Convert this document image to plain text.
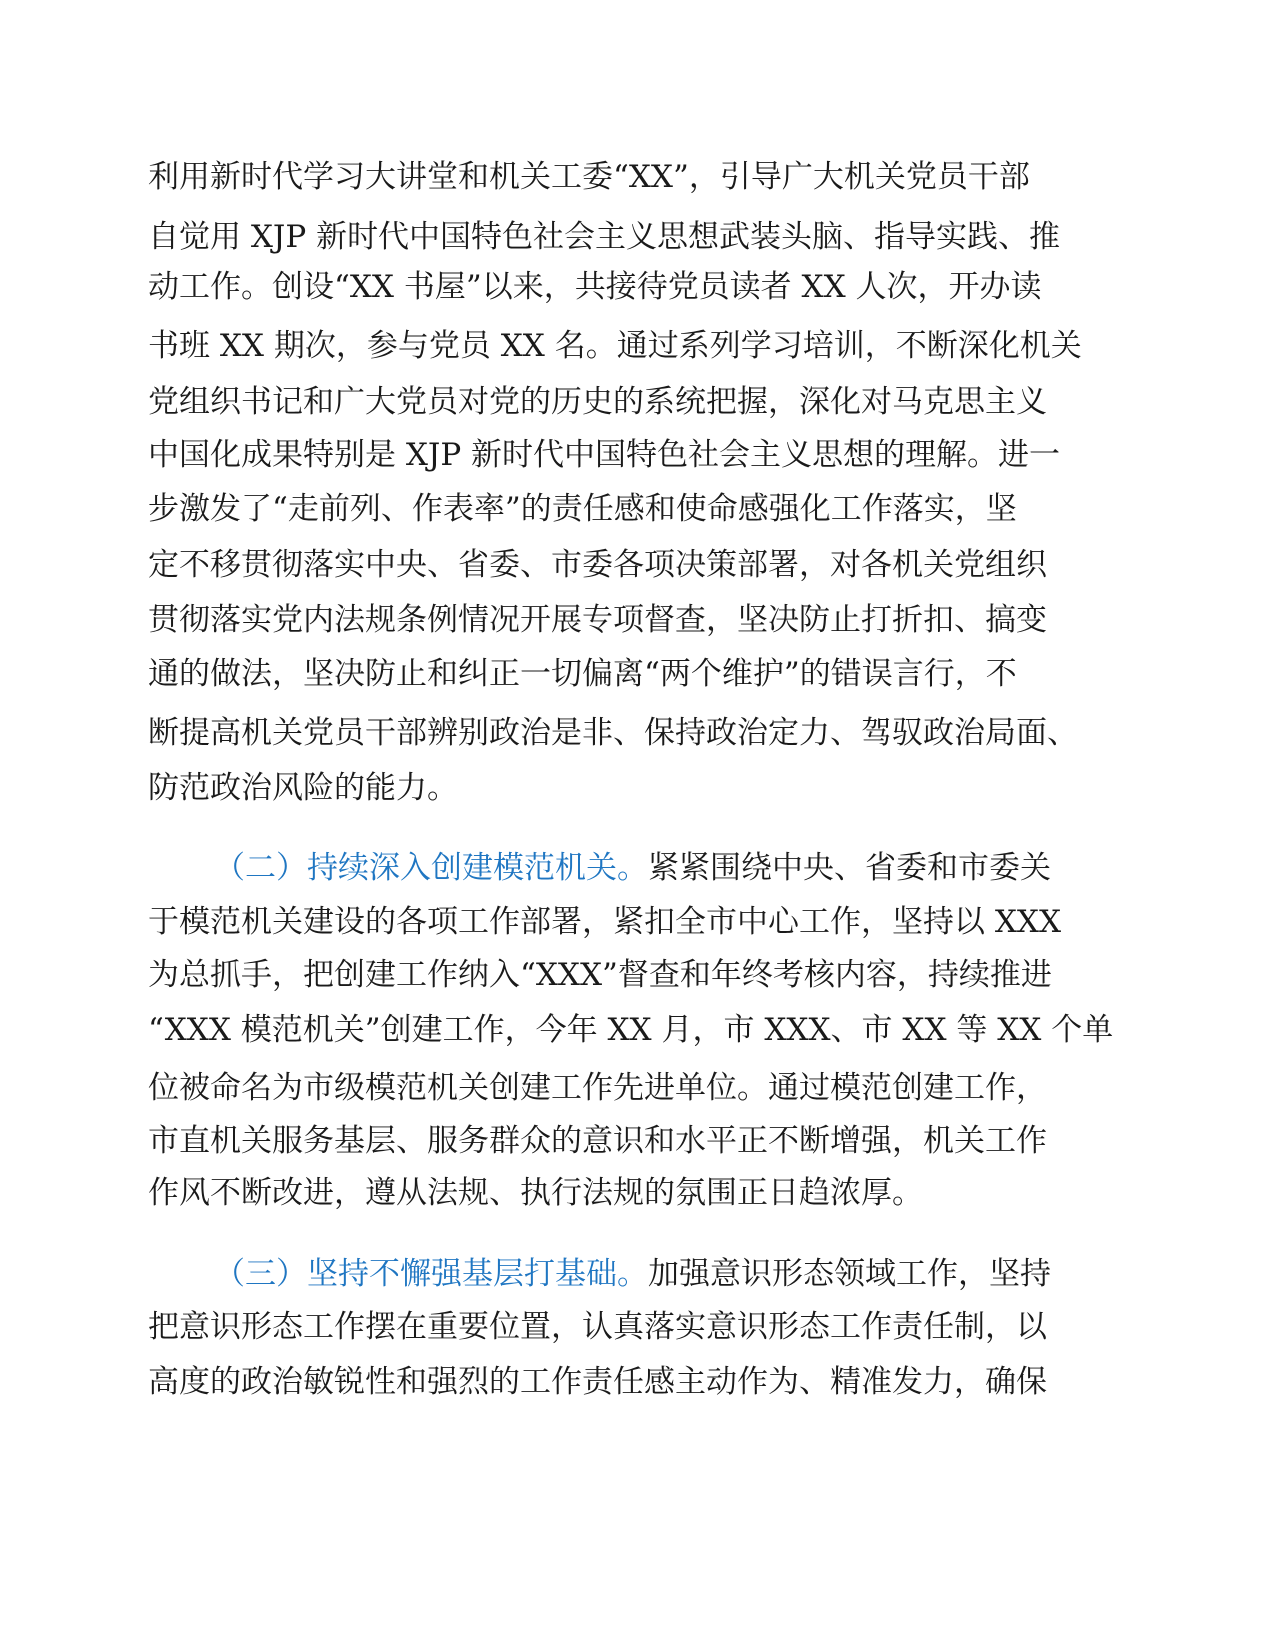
利用新时代学习大讲堂和机关工委“XX”，引导广大机关党员干部
自觉用 XJP 新时代中国特色社会主义思想武装头脑、指导实践、推
动工作。创设“XX 书屋”以来，共接待党员读者 XX 人次，开办读
书班 XX 期次，参与党员 XX 名。通过系列学习培训，不断深化机关
党组织书记和广大党员对党的历史的系统把握，深化对马克思主义
中国化成果特别是 XJP 新时代中国特色社会主义思想的理解。进一
步激发了“走前列、作表率”的责任感和使命感强化工作落实，坚
定不移贯彻落实中央、省委、市委各项决策部署，对各机关党组织
贯彻落实党内法规条例情况开展专项督查，坚决防止打折扣、搞变
通的做法，坚决防止和纠正一切偏离“两个维护”的错误言行，不
断提高机关党员干部辨别政治是非、保持政治定力、驾驭政治局面、
防范政治风险的能力。
（二）持续深入创建模范机关。紧紧围绕中央、省委和市委关
于模范机关建设的各项工作部署，紧扣全市中心工作，坚持以 XXX
为总抓手，把创建工作纳入“XXX”督查和年终考核内容，持续推进
“XXX 模范机关”创建工作，今年 XX 月，市 XXX、市 XX 等 XX 个单
位被命名为市级模范机关创建工作先进单位。通过模范创建工作，
市直机关服务基层、服务群众的意识和水平正不断增强，机关工作
作风不断改进，遵从法规、执行法规的氛围正日趋浓厚。
（三）坚持不懈强基层打基础。加强意识形态领域工作，坚持
把意识形态工作摆在重要位置，认真落实意识形态工作责任制，以
高度的政治敏锐性和强烈的工作责任感主动作为、精准发力，确保
